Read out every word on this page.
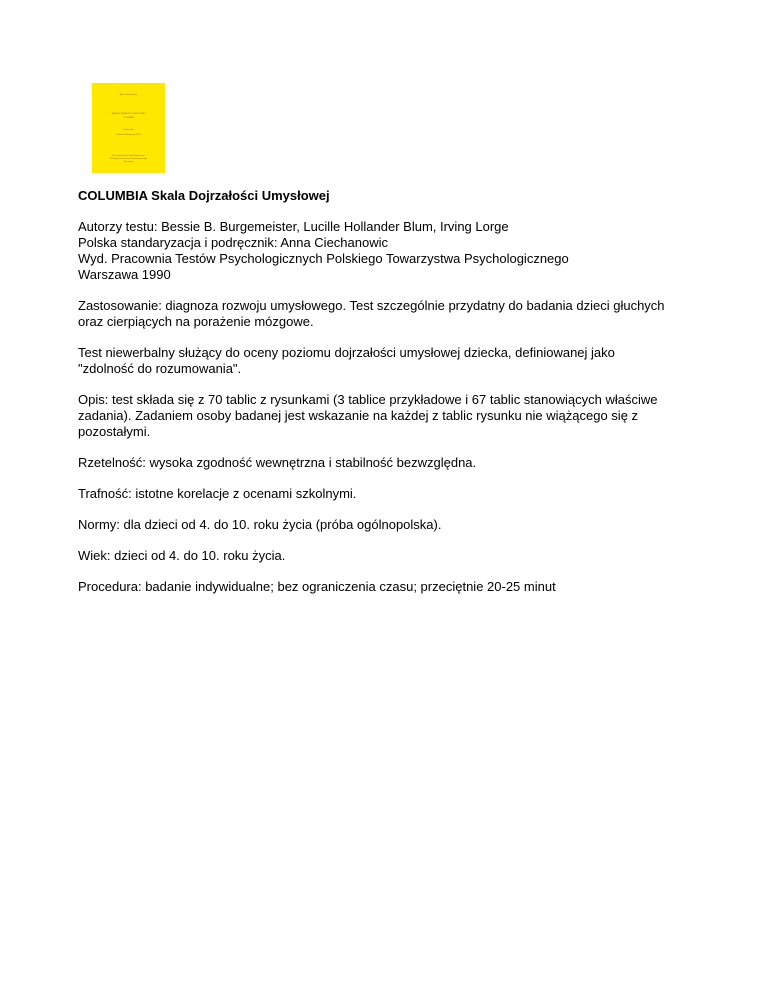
Anna Ciechanowicz
SKALA DOJRZAŁOŚCI UMYSŁOWEJ
COLUMBIA
Podręcznik
Polska standaryzacja 1990
Pracownia Testów Psychologicznych
Polskiego Towarzystwa Psychologicznego
Warszawa
COLUMBIA Skala Dojrzałości Umysłowej
Autorzy testu: Bessie B. Burgemeister, Lucille Hollander Blum, Irving Lorge
Polska standaryzacja i podręcznik: Anna Ciechanowic
Wyd. Pracownia Testów Psychologicznych Polskiego Towarzystwa Psychologicznego
Warszawa 1990
Zastosowanie: diagnoza rozwoju umysłowego. Test szczególnie przydatny do badania dzieci głuchych
oraz cierpiących na porażenie mózgowe.
Test niewerbalny służący do oceny poziomu dojrzałości umysłowej dziecka, definiowanej jako
"zdolność do rozumowania".
Opis: test składa się z 70 tablic z rysunkami (3 tablice przykładowe i 67 tablic stanowiących właściwe
zadania). Zadaniem osoby badanej jest wskazanie na każdej z tablic rysunku nie wiążącego się z
pozostałymi.
Rzetelność: wysoka zgodność wewnętrzna i stabilność bezwzględna.
Trafność: istotne korelacje z ocenami szkolnymi.
Normy: dla dzieci od 4. do 10. roku życia (próba ogólnopolska).
Wiek: dzieci od 4. do 10. roku życia.
Procedura: badanie indywidualne; bez ograniczenia czasu; przeciętnie 20-25 minut
